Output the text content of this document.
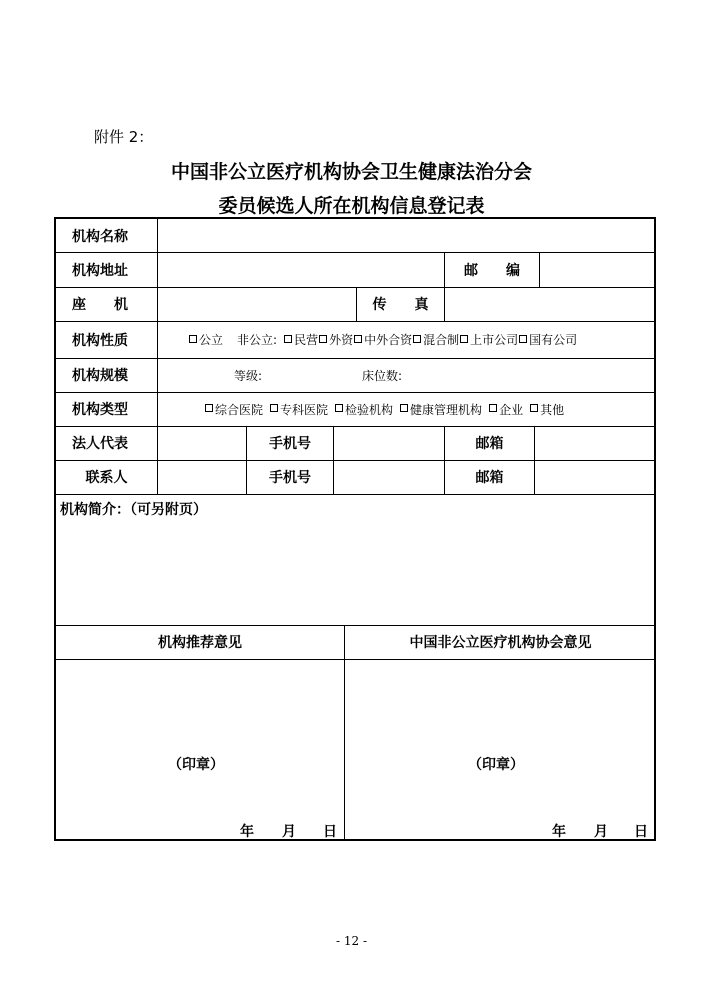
附件 2：
中国非公立医疗机构协会卫生健康法治分会
委员候选人所在机构信息登记表
机构名称
机构地址	邮　　编
座　　机	传　　真
机构性质	公立 非公立: 民营 外资 中外合资 混合制 上市公司 国有公司
机构规模	等级:	床位数:
机构类型	综合医院 专科医院 检验机构 健康管理机构 企业 其他
法人代表	手机号	邮箱
联系人	手机号	邮箱
机构简介：（可另附页）
机构推荐意见	中国非公立医疗机构协会意见
（印章）	（印章）
年 月 日	年 月 日
- 12 -
